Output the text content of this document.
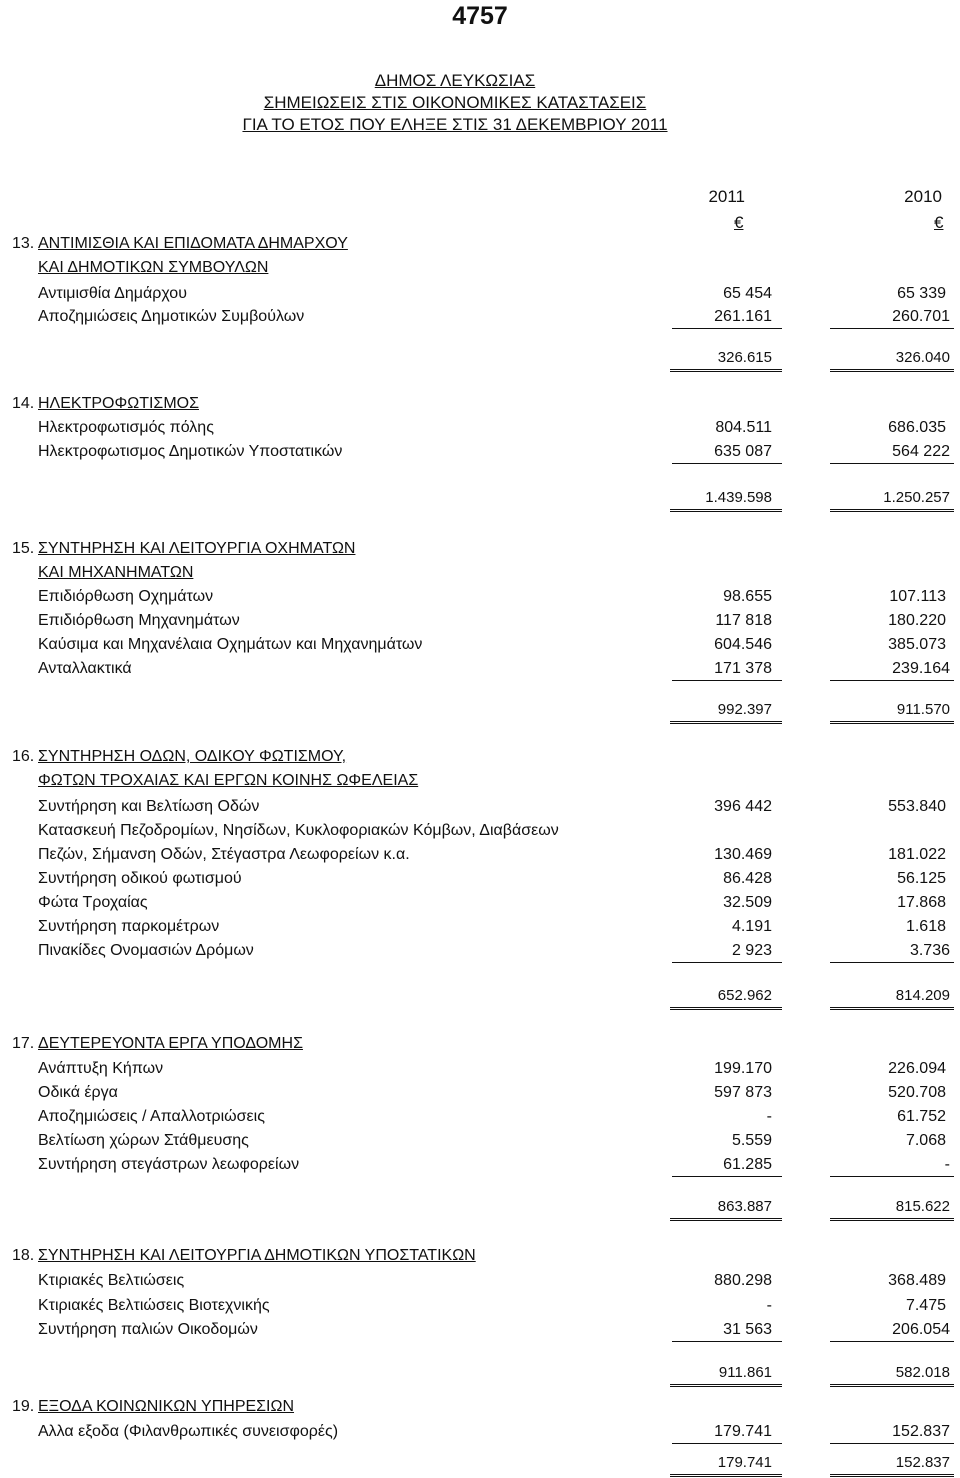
4757
ΔΗΜΟΣ ΛΕΥΚΩΣΙΑΣ
ΣΗΜΕΙΩΣΕΙΣ ΣΤΙΣ ΟΙΚΟΝΟΜΙΚΕΣ ΚΑΤΑΣΤΑΣΕΙΣ
ΓΙΑ ΤΟ ΕΤΟΣ ΠΟΥ ΕΛΗΞΕ ΣΤΙΣ 31 ΔΕΚΕΜΒΡΙΟΥ 2011
2011	2010
€	€
13. ΑΝΤΙΜΙΣΘΙΑ ΚΑΙ ΕΠΙΔΟΜΑΤΑ ΔΗΜΑΡΧΟΥ
ΚΑΙ ΔΗΜΟΤΙΚΩΝ ΣΥΜΒΟΥΛΩΝ
Αντιμισθία Δημάρχου	65 454	65 339
Αποζημιώσεις Δημοτικών Συμβούλων	261.161	260.701
326.615	326.040
14. ΗΛΕΚΤΡΟΦΩΤΙΣΜΟΣ
Ηλεκτροφωτισμός πόλης	804.511	686.035
Ηλεκτροφωτισμος Δημοτικών Υποστατικών	635 087	564 222
1.439.598	1.250.257
15. ΣΥΝΤΗΡΗΣΗ ΚΑΙ ΛΕΙΤΟΥΡΓΙΑ ΟΧΗΜΑΤΩΝ
ΚΑΙ ΜΗΧΑΝΗΜΑΤΩΝ
Επιδιόρθωση Οχημάτων	98.655	107.113
Επιδιόρθωση Μηχανημάτων	117 818	180.220
Καύσιμα και Μηχανέλαια Οχημάτων και Μηχανημάτων	604.546	385.073
Ανταλλακτικά	171 378	239.164
992.397	911.570
16. ΣΥΝΤΗΡΗΣΗ ΟΔΩΝ, ΟΔΙΚΟΥ ΦΩΤΙΣΜΟΥ,
ΦΩΤΩΝ ΤΡΟΧΑΙΑΣ ΚΑΙ ΕΡΓΩΝ ΚΟΙΝΗΣ ΩΦΕΛΕΙΑΣ
Συντήρηση και Βελτίωση Οδών	396 442	553.840
Κατασκευή Πεζοδρομίων, Νησίδων, Κυκλοφοριακών Κόμβων, Διαβάσεων
Πεζών, Σήμανση Οδών, Στέγαστρα Λεωφορείων κ.α.	130.469	181.022
Συντήρηση οδικού φωτισμού	86.428	56.125
Φώτα Τροχαίας	32.509	17.868
Συντήρηση παρκομέτρων	4.191	1.618
Πινακίδες Ονομασιών Δρόμων	2 923	3.736
652.962	814.209
17. ΔΕΥΤΕΡΕΥΟΝΤΑ ΕΡΓΑ ΥΠΟΔΟΜΗΣ
Ανάπτυξη Κήπων	199.170	226.094
Οδικά έργα	597 873	520.708
Αποζημιώσεις / Απαλλοτριώσεις	-	61.752
Βελτίωση χώρων Στάθμευσης	5.559	7.068
Συντήρηση στεγάστρων λεωφορείων	61.285	-
863.887	815.622
18. ΣΥΝΤΗΡΗΣΗ ΚΑΙ ΛΕΙΤΟΥΡΓΙΑ ΔΗΜΟΤΙΚΩΝ ΥΠΟΣΤΑΤΙΚΩΝ
Κτιριακές Βελτιώσεις	880.298	368.489
Κτιριακές Βελτιώσεις Βιοτεχνικής	-	7.475
Συντήρηση παλιών Οικοδομών	31 563	206.054
911.861	582.018
19. ΕΞΟΔΑ ΚΟΙΝΩΝΙΚΩΝ ΥΠΗΡΕΣΙΩΝ
Αλλα εξοδα (Φιλανθρωπικές συνεισφορές)	179.741	152.837
179.741	152.837
